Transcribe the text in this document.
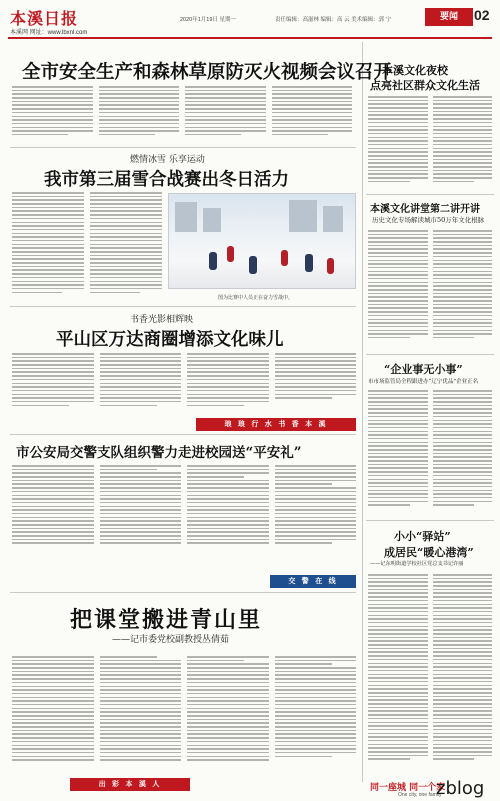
本溪日报
本溪网 网址：www.lbxnl.com
2020年1月19日 星期一	责任编辑：高滋林 编辑：高 云 美术编辑：郭 宁	要闻	02
全市安全生产和森林草原防灭火视频会议召开
燃情冰雪 乐享运动
我市第三届雪合战赛出冬日活力
图为比赛中人员正在奋力雪战中。
书香光影相辉映
平山区万达商圈增添文化味儿
琅 琅 行 水 书 香 本 溪
市公安局交警支队组织警力走进校园送“平安礼”
交 警 在 线
把课堂搬进青山里
——记市委党校副教授丛倩茹
出 彩 本 溪 人
本溪文化夜校
点亮社区群众文化生活
本溪文化讲堂第二讲开讲
历史文化专场解读城市50万年文化根脉
“企业事无小事”
市市场监管局全程跟进办“辽宁优品”企业正名
小小“驿站”
成居民“暖心港湾”
——记东明街道学校社区党总支书记许丽
同一座城 同一个家
One city, one family
zblog
